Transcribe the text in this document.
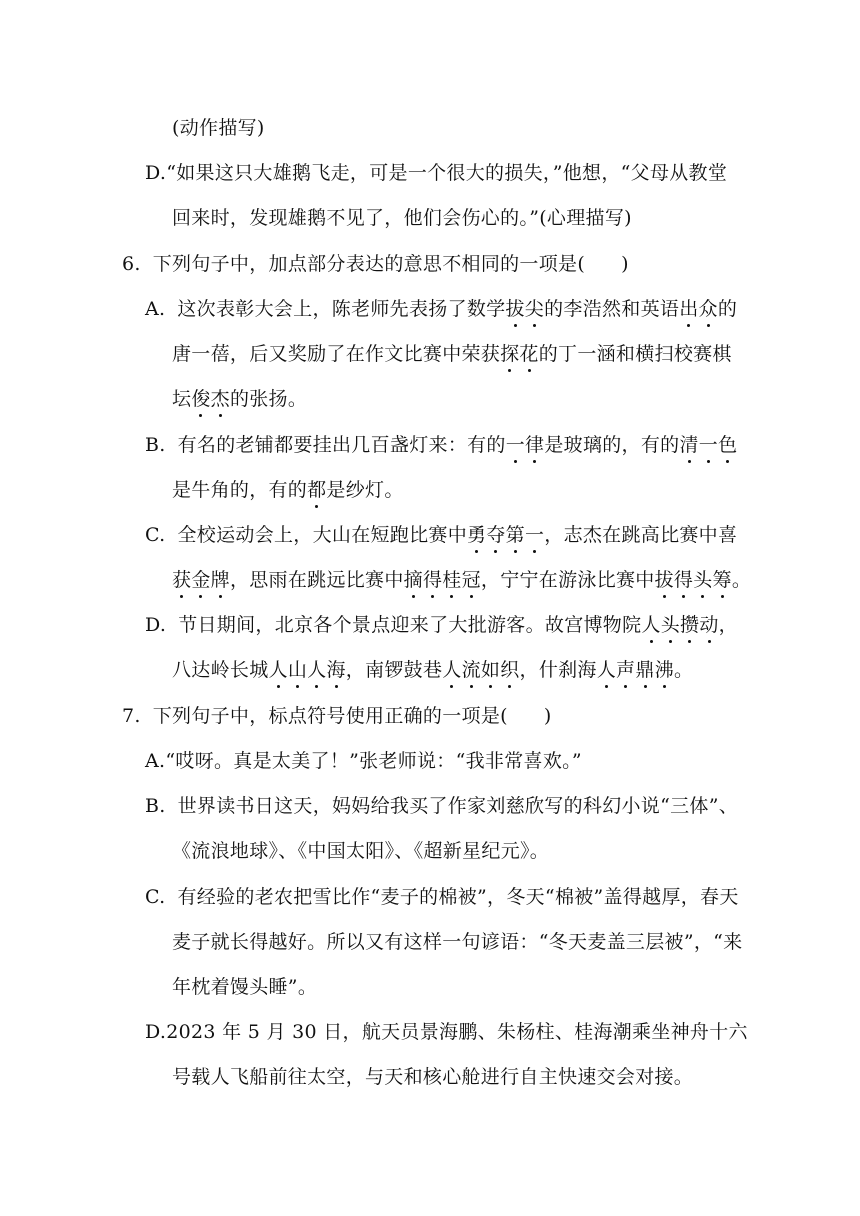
(动作描写)
D.“如果这只大雄鹅飞走，可是一个很大的损失，”他想，“父母从教堂
回来时，发现雄鹅不见了，他们会伤心的。”(心理描写)
6. 下列句子中，加点部分表达的意思不相同的一项是( )
A. 这次表彰大会上，陈老师先表扬了数学拔尖的李浩然和英语出众的
唐一蓓，后又奖励了在作文比赛中荣获探花的丁一涵和横扫校赛棋
坛俊杰的张扬。
B. 有名的老铺都要挂出几百盏灯来：有的一律是玻璃的，有的清一色
是牛角的，有的都是纱灯。
C. 全校运动会上，大山在短跑比赛中勇夺第一，志杰在跳高比赛中喜
获金牌，思雨在跳远比赛中摘得桂冠，宁宁在游泳比赛中拔得头筹。
D. 节日期间，北京各个景点迎来了大批游客。故宫博物院人头攒动，
八达岭长城人山人海，南锣鼓巷人流如织，什刹海人声鼎沸。
7. 下列句子中，标点符号使用正确的一项是( )
A.“哎呀。真是太美了！”张老师说：“我非常喜欢。”
B. 世界读书日这天，妈妈给我买了作家刘慈欣写的科幻小说“三体”、
《流浪地球》、《中国太阳》、《超新星纪元》。
C. 有经验的老农把雪比作“麦子的棉被”，冬天“棉被”盖得越厚，春天
麦子就长得越好。所以又有这样一句谚语：“冬天麦盖三层被”，“来
年枕着馒头睡”。
D.2023 年 5 月 30 日，航天员景海鹏、朱杨柱、桂海潮乘坐神舟十六
号载人飞船前往太空，与天和核心舱进行自主快速交会对接。
